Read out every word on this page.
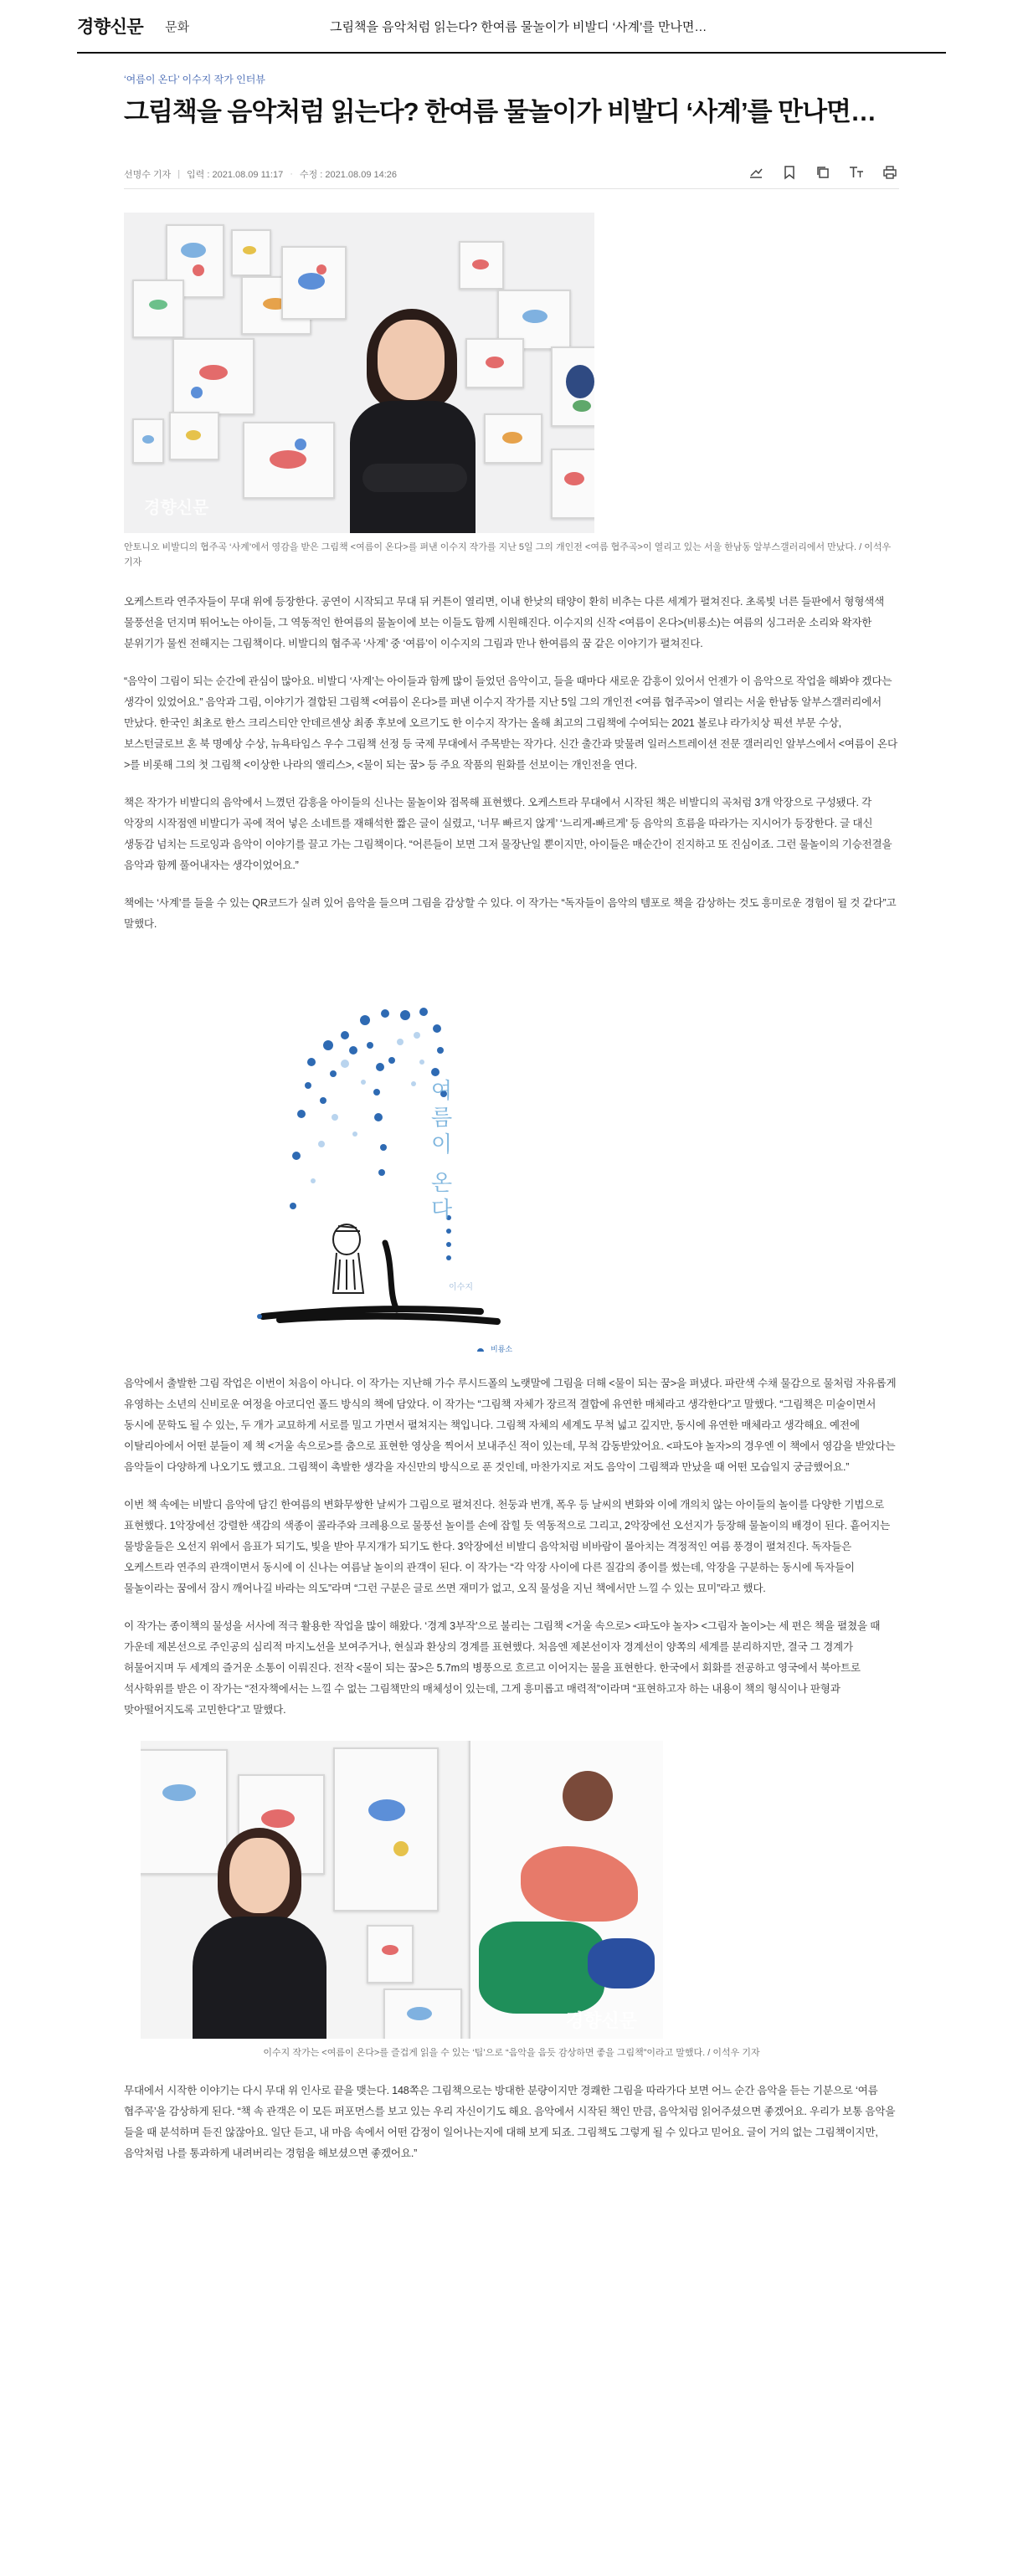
경향신문 문화	그림책을 음악처럼 읽는다? 한여름 물놀이가 비발디 ‘사계’를 만나면…
‘여름이 온다’ 이수지 작가 인터뷰
그림책을 음악처럼 읽는다? 한여름 물놀이가 비발디 ‘사계’를 만나면…
선명수 기자 | 입력 : 2021.08.09 11:17 · 수정 : 2021.08.09 14:26
경향신문
안토니오 비발디의 협주곡 ‘사계’에서 영감을 받은 그림책 <여름이 온다>를 펴낸 이수지 작가를 지난 5일 그의 개인전 <여름 협주곡>이 열리고 있는 서울 한남동 알부스갤러리에서 만났다. / 이석우 기자

오케스트라 연주자들이 무대 위에 등장한다. 공연이 시작되고 무대 뒤 커튼이 열리면, 이내 한낮의 태양이 환히 비추는 다른 세계가 펼쳐진다. 초록빛 너른 들판에서 형형색색 물풍선을 던지며 뛰어노는 아이들, 그 역동적인 한여름의 물놀이에 보는 이들도 함께 시원해진다. 이수지의 신작 <여름이 온다>(비룡소)는 여름의 싱그러운 소리와 왁자한 분위기가 물씬 전해지는 그림책이다. 비발디의 협주곡 ‘사계’ 중 ‘여름’이 이수지의 그림과 만나 한여름의 꿈 같은 이야기가 펼쳐진다.

“음악이 그림이 되는 순간에 관심이 많아요. 비발디 ‘사계’는 아이들과 함께 많이 들었던 음악이고, 들을 때마다 새로운 감흥이 있어서 언젠가 이 음악으로 작업을 해봐야 겠다는 생각이 있었어요.” 음악과 그림, 이야기가 결합된 그림책 <여름이 온다>를 펴낸 이수지 작가를 지난 5일 그의 개인전 <여름 협주곡>이 열리는 서울 한남동 알부스갤러리에서 만났다. 한국인 최초로 한스 크리스티안 안데르센상 최종 후보에 오르기도 한 이수지 작가는 올해 최고의 그림책에 수여되는 2021 볼로냐 라가치상 픽션 부문 수상, 보스턴글로브 혼 북 명예상 수상, 뉴욕타임스 우수 그림책 선정 등 국제 무대에서 주목받는 작가다. 신간 출간과 맞물려 일러스트레이션 전문 갤러리인 알부스에서 <여름이 온다>를 비롯해 그의 첫 그림책 <이상한 나라의 앨리스>, <물이 되는 꿈> 등 주요 작품의 원화를 선보이는 개인전을 연다.

책은 작가가 비발디의 음악에서 느꼈던 감흥을 아이들의 신나는 물놀이와 접목해 표현했다. 오케스트라 무대에서 시작된 책은 비발디의 곡처럼 3개 악장으로 구성됐다. 각 악장의 시작점엔 비발디가 곡에 적어 넣은 소네트를 재해석한 짧은 글이 실렸고, ‘너무 빠르지 않게’ ‘느리게-빠르게’ 등 음악의 흐름을 따라가는 지시어가 등장한다. 글 대신 생동감 넘치는 드로잉과 음악이 이야기를 끌고 가는 그림책이다. “어른들이 보면 그저 물장난일 뿐이지만, 아이들은 매순간이 진지하고 또 진심이죠. 그런 물놀이의 기승전결을 음악과 함께 풀어내자는 생각이었어요.”

책에는 ‘사계’를 들을 수 있는 QR코드가 실려 있어 음악을 들으며 그림을 감상할 수 있다. 이 작가는 “독자들이 음악의 템포로 책을 감상하는 것도 흥미로운 경험이 될 것 같다”고 말했다.

여름이 온다
이수지
비룡소

음악에서 출발한 그림 작업은 이번이 처음이 아니다. 이 작가는 지난해 가수 루시드폴의 노랫말에 그림을 더해 <물이 되는 꿈>을 펴냈다. 파란색 수채 물감으로 물처럼 자유롭게 유영하는 소년의 신비로운 여정을 아코디언 폴드 방식의 책에 담았다. 이 작가는 “그림책 자체가 장르적 결합에 유연한 매체라고 생각한다”고 말했다. “그림책은 미술이면서 동시에 문학도 될 수 있는, 두 개가 교묘하게 서로를 밀고 가면서 펼쳐지는 책입니다. 그림책 자체의 세계도 무척 넓고 깊지만, 동시에 유연한 매체라고 생각해요. 예전에 이탈리아에서 어떤 분들이 제 책 <거울 속으로>를 춤으로 표현한 영상을 찍어서 보내주신 적이 있는데, 무척 감동받았어요. <파도야 놀자>의 경우엔 이 책에서 영감을 받았다는 음악들이 다양하게 나오기도 했고요. 그림책이 촉발한 생각을 자신만의 방식으로 푼 것인데, 마찬가지로 저도 음악이 그림책과 만났을 때 어떤 모습일지 궁금했어요.”

이번 책 속에는 비발디 음악에 담긴 한여름의 변화무쌍한 날씨가 그림으로 펼쳐진다. 천둥과 번개, 폭우 등 날씨의 변화와 이에 개의치 않는 아이들의 놀이를 다양한 기법으로 표현했다. 1악장에선 강렬한 색감의 색종이 콜라주와 크레용으로 물풍선 놀이를 손에 잡힐 듯 역동적으로 그리고, 2악장에선 오선지가 등장해 물놀이의 배경이 된다. 흩어지는 물방울들은 오선지 위에서 음표가 되기도, 빛을 받아 무지개가 되기도 한다. 3악장에선 비발디 음악처럼 비바람이 몰아치는 격정적인 여름 풍경이 펼쳐진다. 독자들은 오케스트라 연주의 관객이면서 동시에 이 신나는 여름날 놀이의 관객이 된다. 이 작가는 “각 악장 사이에 다른 질감의 종이를 썼는데, 악장을 구분하는 동시에 독자들이 물놀이라는 꿈에서 잠시 깨어나길 바라는 의도”라며 “그런 구분은 글로 쓰면 재미가 없고, 오직 물성을 지닌 책에서만 느낄 수 있는 묘미”라고 했다.

이 작가는 종이책의 물성을 서사에 적극 활용한 작업을 많이 해왔다. ‘경계 3부작’으로 불리는 그림책 <거울 속으로> <파도야 놀자> <그림자 놀이>는 세 편은 책을 펼쳤을 때 가운데 제본선으로 주인공의 심리적 마지노선을 보여주거나, 현실과 환상의 경계를 표현했다. 처음엔 제본선이자 경계선이 양쪽의 세계를 분리하지만, 결국 그 경계가 허물어지며 두 세계의 즐거운 소통이 이뤄진다. 전작 <물이 되는 꿈>은 5.7m의 병풍으로 흐르고 이어지는 물을 표현한다. 한국에서 회화를 전공하고 영국에서 북아트로 석사학위를 받은 이 작가는 “전자책에서는 느낄 수 없는 그림책만의 매체성이 있는데, 그게 흥미롭고 매력적”이라며 “표현하고자 하는 내용이 책의 형식이나 판형과 맞아떨어지도록 고민한다”고 말했다.

경향신문
이수지 작가는 <여름이 온다>를 즐겁게 읽을 수 있는 ‘팁’으로 “음악을 음듯 감상하면 좋을 그림책”이라고 말했다. / 이석우 기자

무대에서 시작한 이야기는 다시 무대 위 인사로 끝을 맺는다. 148쪽은 그림책으로는 방대한 분량이지만 경쾌한 그림을 따라가다 보면 어느 순간 음악을 듣는 기분으로 ‘여름 협주곡’을 감상하게 된다. “책 속 관객은 이 모든 퍼포먼스를 보고 있는 우리 자신이기도 해요. 음악에서 시작된 책인 만큼, 음악처럼 읽어주셨으면 좋겠어요. 우리가 보통 음악을 들을 때 분석하며 듣진 않잖아요. 일단 듣고, 내 마음 속에서 어떤 감정이 일어나는지에 대해 보게 되죠. 그림책도 그렇게 될 수 있다고 믿어요. 글이 거의 없는 그림책이지만, 음악처럼 나를 통과하게 내려버리는 경험을 해보셨으면 좋겠어요.”
